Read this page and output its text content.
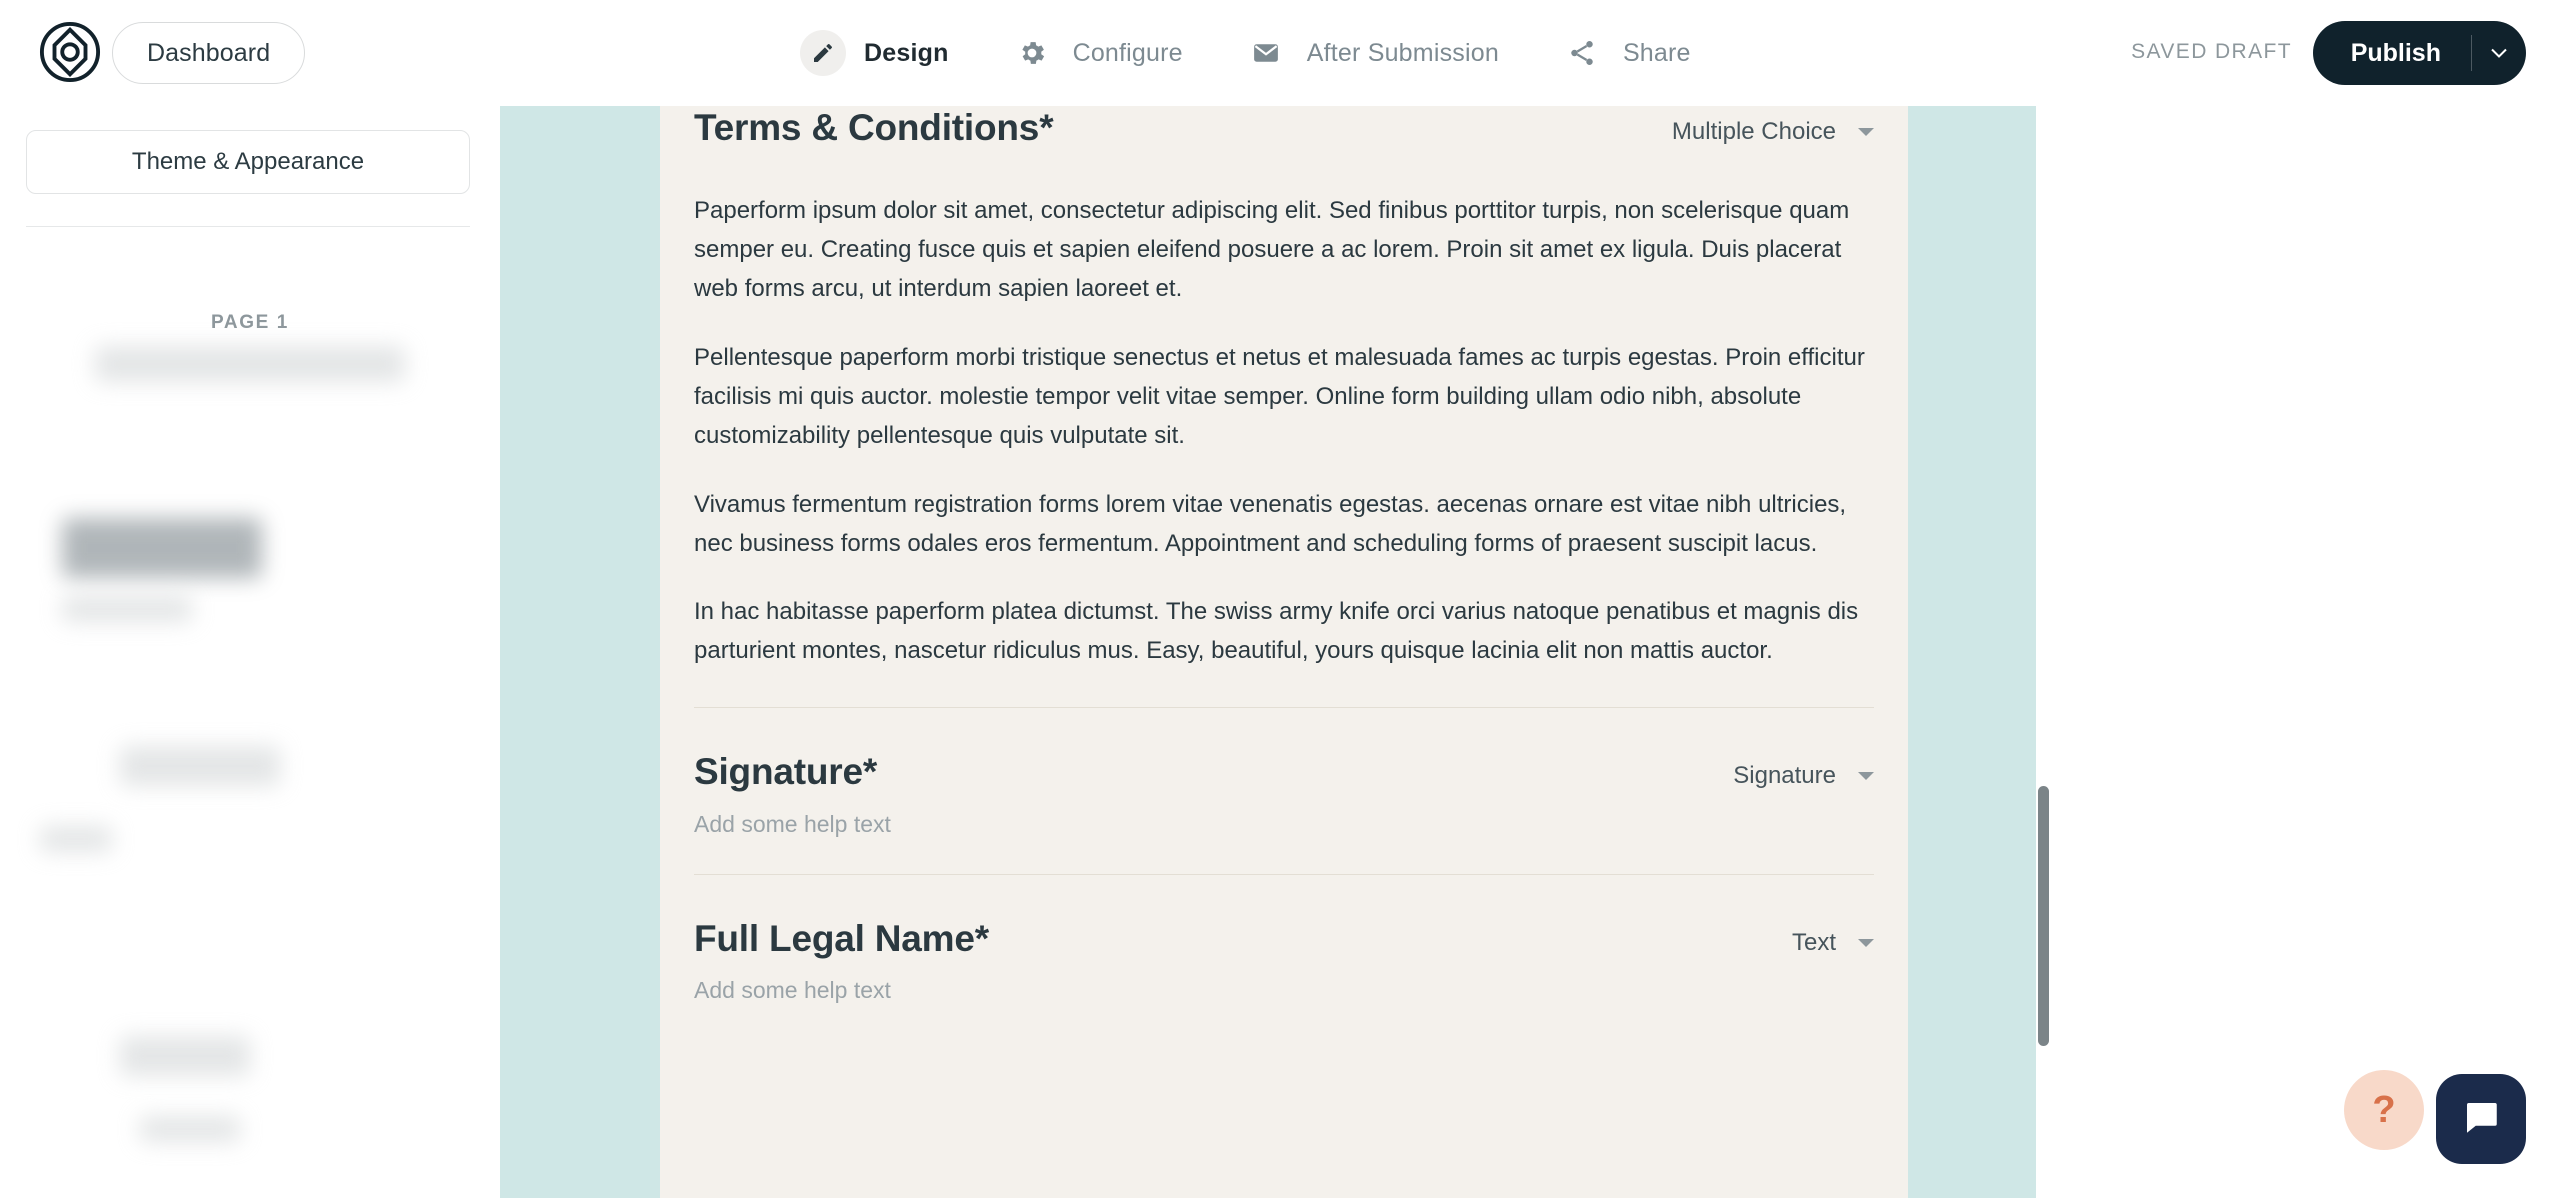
Dashboard	Design	Configure	After Submission	Share	SAVED DRAFT Publish
Theme & Appearance
PAGE 1
Terms & Conditions*	Multiple Choice

Paperform ipsum dolor sit amet, consectetur adipiscing elit. Sed finibus porttitor turpis, non scelerisque quam semper eu. Creating fusce quis et sapien eleifend posuere a ac lorem. Proin sit amet ex ligula. Duis placerat web forms arcu, ut interdum sapien laoreet et.

Pellentesque paperform morbi tristique senectus et netus et malesuada fames ac turpis egestas. Proin efficitur facilisis mi quis auctor. molestie tempor velit vitae semper. Online form building ullam odio nibh, absolute customizability pellentesque quis vulputate sit.

Vivamus fermentum registration forms lorem vitae venenatis egestas. aecenas ornare est vitae nibh ultricies, nec business forms odales eros fermentum. Appointment and scheduling forms of praesent suscipit lacus.

In hac habitasse paperform platea dictumst. The swiss army knife orci varius natoque penatibus et magnis dis parturient montes, nascetur ridiculus mus. Easy, beautiful, yours quisque lacinia elit non mattis auctor.

Signature*	Signature
Add some help text
Full Legal Name*	Text
Add some help text
?
